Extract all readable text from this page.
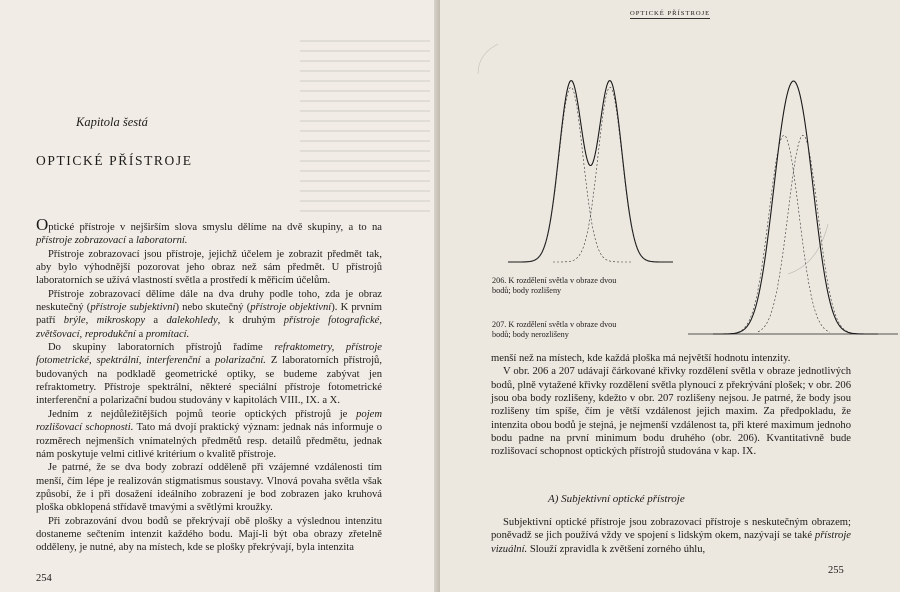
Kapitola šestá
OPTICKÉ PŘÍSTROJE

Optické přístroje v nejširším slova smyslu dělíme na dvě skupiny, a to na přístroje zobrazovací a laboratorní.

Přístroje zobrazovací jsou přístroje, jejichž účelem je zobrazit předmět tak, aby bylo výhodnější pozorovat jeho obraz než sám předmět. U přístrojů laboratorních se užívá vlastností světla a prostředí k měřicím účelům.

Přístroje zobrazovací dělíme dále na dva druhy podle toho, zda je obraz neskutečný (přístroje subjektivní) nebo skutečný (přístroje objektivní). K prvním patří brýle, mikroskopy a dalekohledy, k druhým přístroje fotografické, zvětšovací, reprodukční a promítací.

Do skupiny laboratorních přístrojů řadíme refraktometry, přístroje fotometrické, spektrální, interferenční a polarizační. Z laboratorních přístrojů, budovaných na podkladě geometrické optiky, se budeme zabývat jen refraktometry. Přístroje spektrální, některé speciální přístroje fotometrické interferenční a polarizační budou studovány v kapitolách VIII., IX. a X.

Jedním z nejdůležitějších pojmů teorie optických přístrojů je pojem rozlišovací schopnosti. Tato má dvojí praktický význam: jednak nás informuje o rozměrech nejmenších vnímatelných předmětů resp. detailů předmětu, jednak nám poskytuje velmi citlivé kritérium o kvalitě přístroje.

Je patrné, že se dva body zobrazí odděleně při vzájemné vzdálenosti tím menší, čím lépe je realizován stigmatismus soustavy. Vlnová povaha světla však způsobí, že i při dosažení ideálního zobrazení je bod zobrazen jako kruhová ploška obklopená střídavě tmavými a světlými kroužky.

Při zobrazování dvou bodů se překrývají obě plošky a výslednou intenzitu dostaneme sečtením intenzit každého bodu. Mají-li být oba obrazy zřetelně odděleny, je nutné, aby na místech, kde se plošky překrývají, byla intenzita

254
OPTICKÉ PŘÍSTROJE
206. K rozdělení světla v obraze dvou bodů; body rozlišeny
207. K rozdělení světla v obraze dvou bodů; body nerozlišeny

menší než na místech, kde každá ploška má největší hodnotu intenzity.

V obr. 206 a 207 udávají čárkované křivky rozdělení světla v obraze jednotlivých bodů, plně vytažené křivky rozdělení světla plynoucí z překrývání plošek; v obr. 206 jsou oba body rozlišeny, kdežto v obr. 207 rozlišeny nejsou. Je patrné, že body jsou rozlišeny tím spíše, čím je větší vzdálenost jejich maxim. Za předpokladu, že intenzita obou bodů je stejná, je nejmenší vzdálenost ta, při které maximum jednoho bodu padne na první minimum bodu druhého (obr. 206). Kvantitativně bude rozlišovací schopnost optických přístrojů studována v kap. IX.

A) Subjektivní optické přístroje

Subjektivní optické přístroje jsou zobrazovací přístroje s neskutečným obrazem; poněvadž se jich používá vždy ve spojení s lidským okem, nazývají se také přístroje vizuální. Slouží zpravidla k zvětšení zorného úhlu,

255
